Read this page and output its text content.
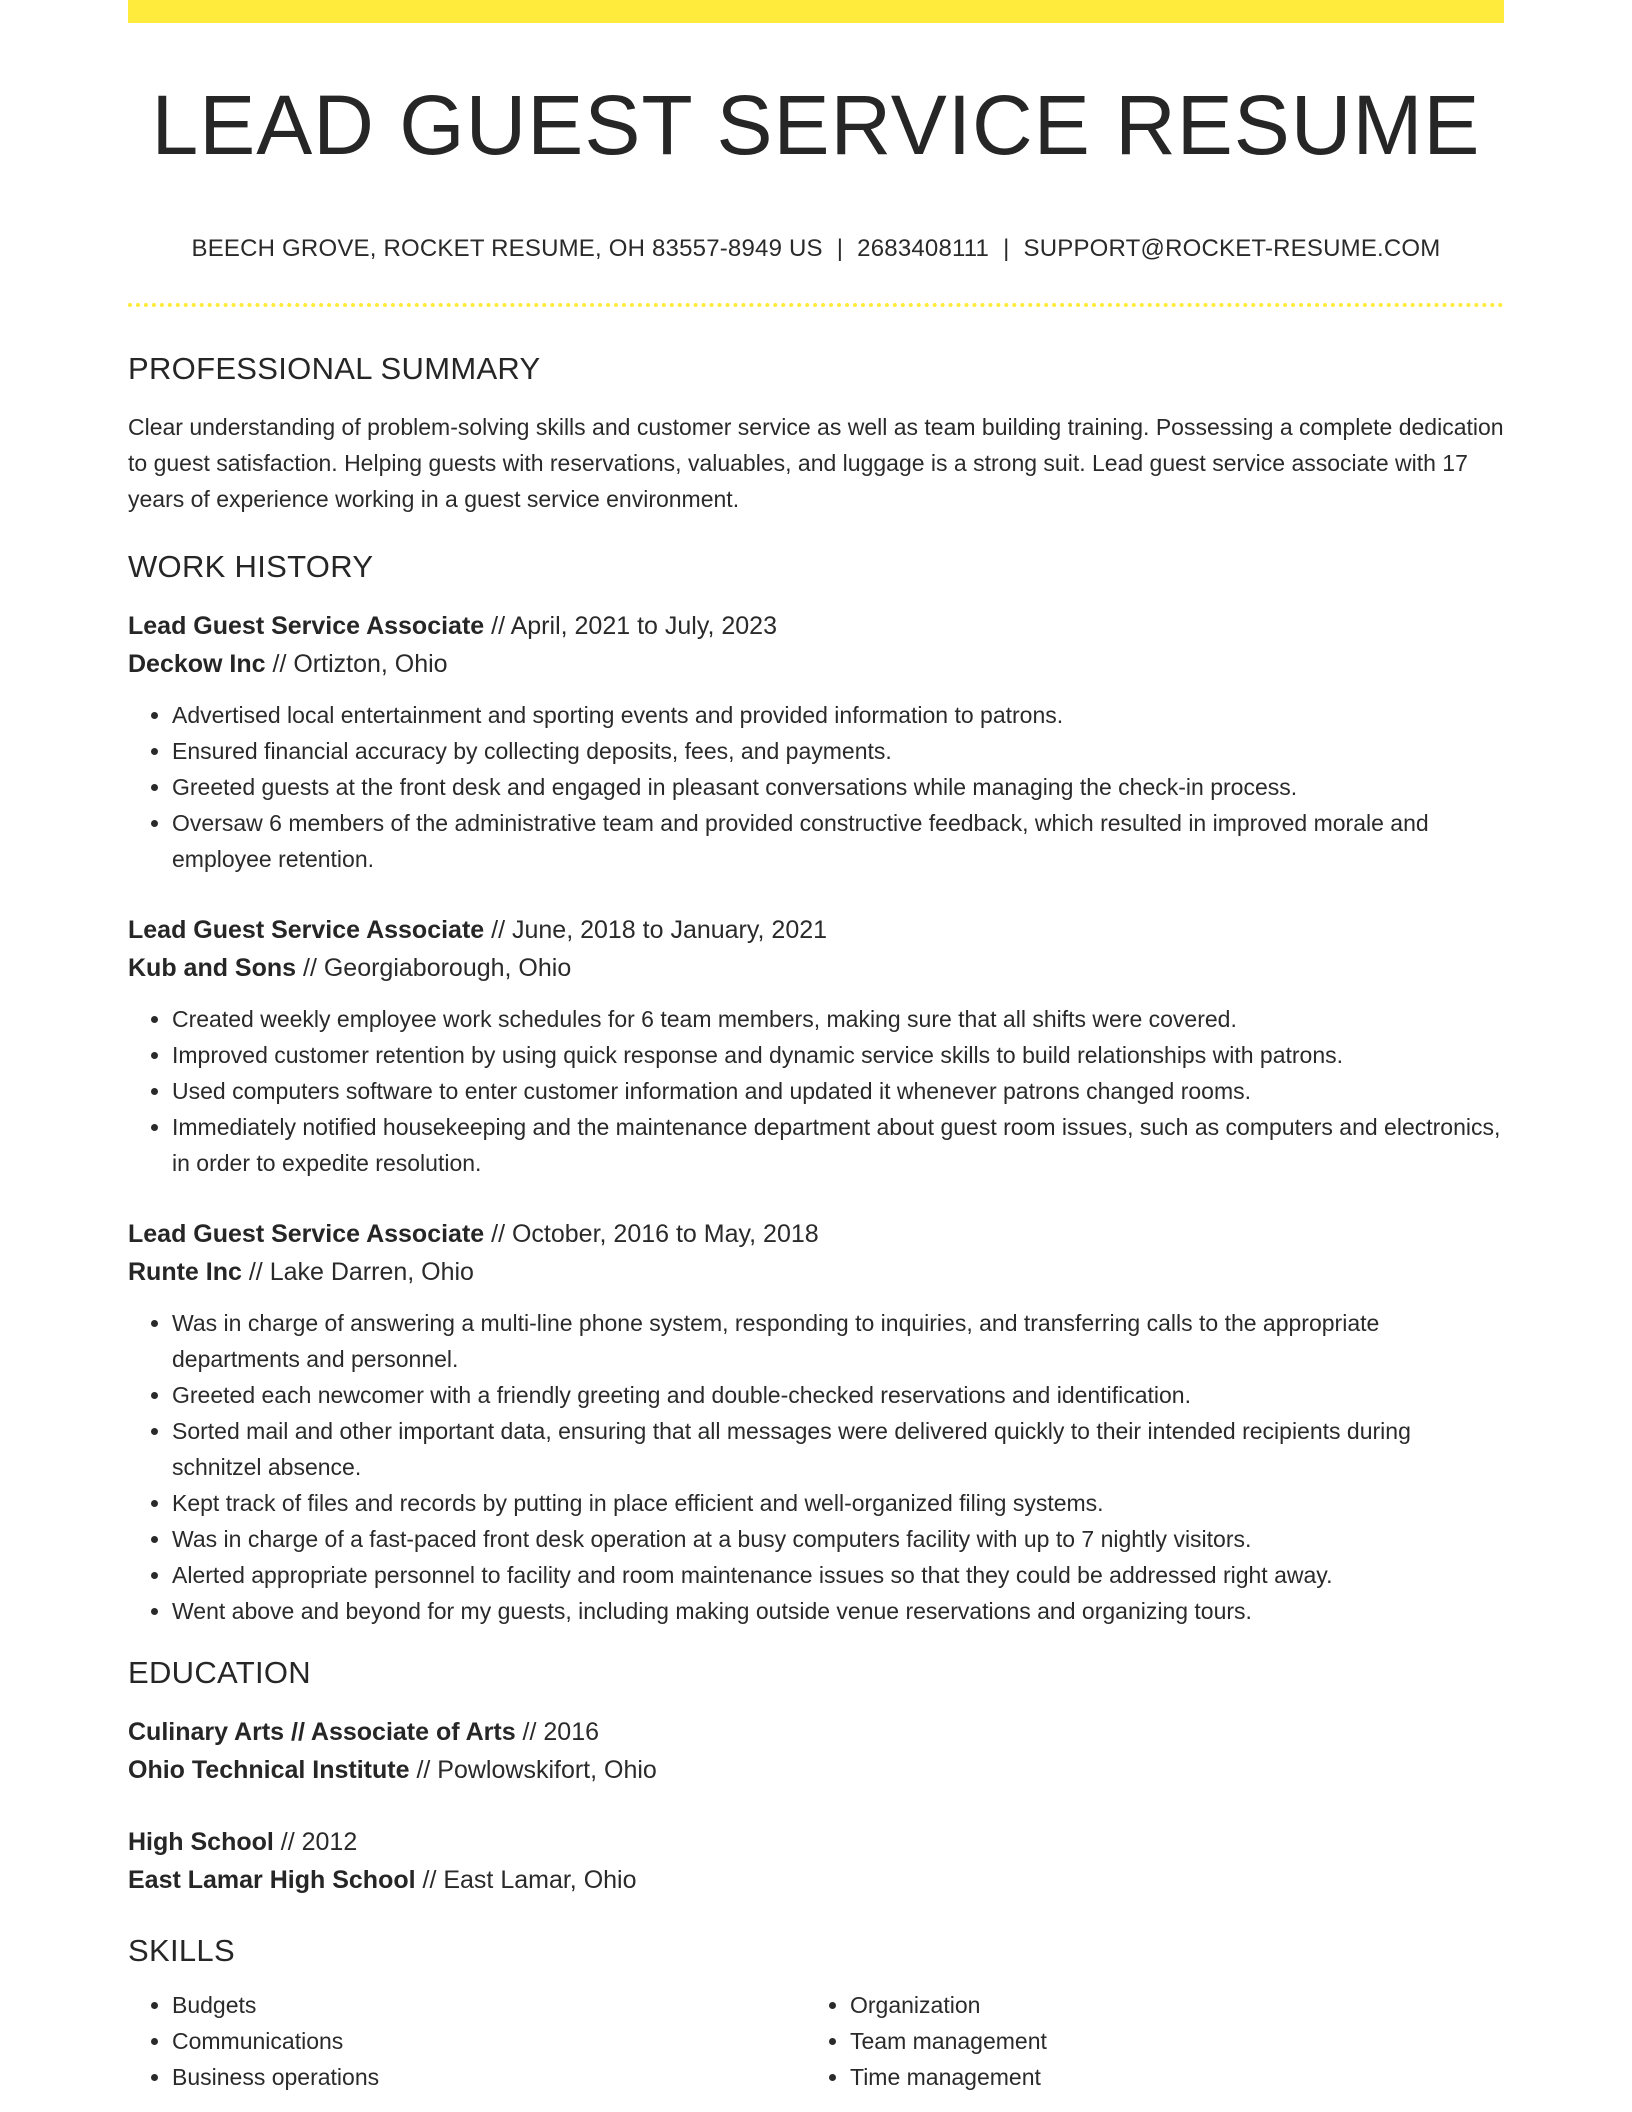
LEAD GUEST SERVICE RESUME
BEECH GROVE, ROCKET RESUME, OH 83557-8949 US | 2683408111 | SUPPORT@ROCKET-RESUME.COM
PROFESSIONAL SUMMARY
Clear understanding of problem-solving skills and customer service as well as team building training. Possessing a complete dedication to guest satisfaction. Helping guests with reservations, valuables, and luggage is a strong suit. Lead guest service associate with 17 years of experience working in a guest service environment.
WORK HISTORY
Lead Guest Service Associate // April, 2021 to July, 2023
Deckow Inc // Ortizton, Ohio
• Advertised local entertainment and sporting events and provided information to patrons.
• Ensured financial accuracy by collecting deposits, fees, and payments.
• Greeted guests at the front desk and engaged in pleasant conversations while managing the check-in process.
• Oversaw 6 members of the administrative team and provided constructive feedback, which resulted in improved morale and employee retention.
Lead Guest Service Associate // June, 2018 to January, 2021
Kub and Sons // Georgiaborough, Ohio
• Created weekly employee work schedules for 6 team members, making sure that all shifts were covered.
• Improved customer retention by using quick response and dynamic service skills to build relationships with patrons.
• Used computers software to enter customer information and updated it whenever patrons changed rooms.
• Immediately notified housekeeping and the maintenance department about guest room issues, such as computers and electronics, in order to expedite resolution.
Lead Guest Service Associate // October, 2016 to May, 2018
Runte Inc // Lake Darren, Ohio
• Was in charge of answering a multi-line phone system, responding to inquiries, and transferring calls to the appropriate departments and personnel.
• Greeted each newcomer with a friendly greeting and double-checked reservations and identification.
• Sorted mail and other important data, ensuring that all messages were delivered quickly to their intended recipients during schnitzel absence.
• Kept track of files and records by putting in place efficient and well-organized filing systems.
• Was in charge of a fast-paced front desk operation at a busy computers facility with up to 7 nightly visitors.
• Alerted appropriate personnel to facility and room maintenance issues so that they could be addressed right away.
• Went above and beyond for my guests, including making outside venue reservations and organizing tours.
EDUCATION
Culinary Arts // Associate of Arts // 2016
Ohio Technical Institute // Powlowskifort, Ohio
High School // 2012
East Lamar High School // East Lamar, Ohio
SKILLS
• Budgets
• Communications
• Business operations
• Organization
• Team management
• Time management
